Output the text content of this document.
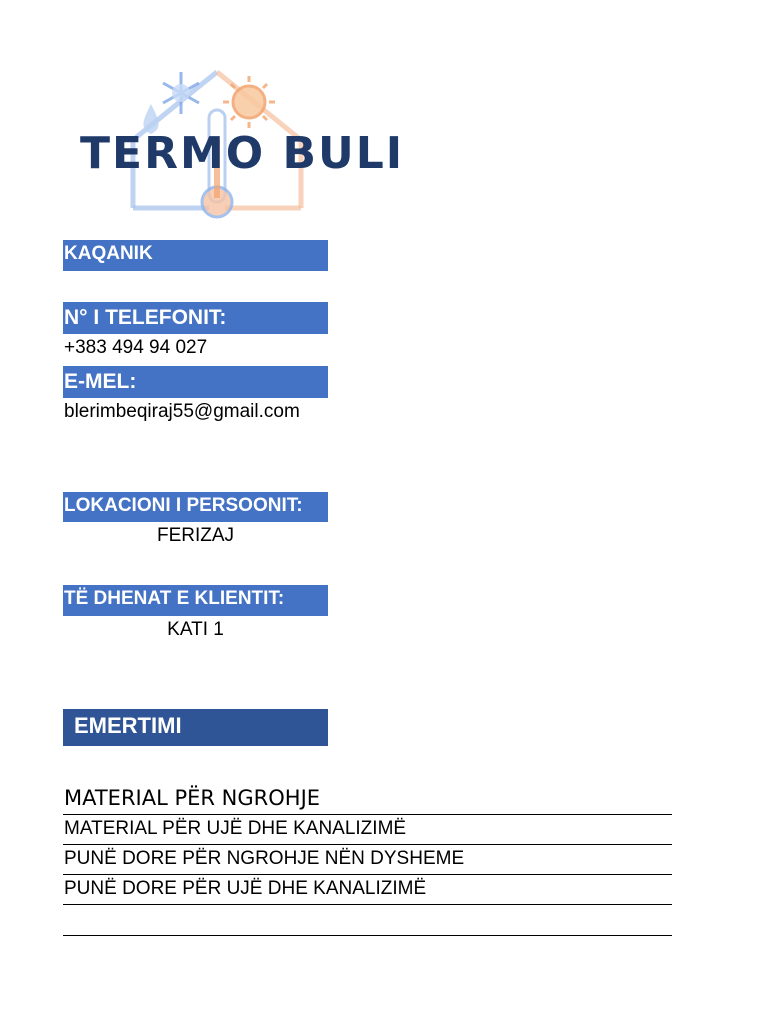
TERMO BULI
KAQANIK
N° I TELEFONIT:
+383 494 94 027
E-MEL:
blerimbeqiraj55@gmail.com
LOKACIONI I PERSOONIT:
FERIZAJ
TË DHENAT E KLIENTIT:
KATI 1
EMERTIMI
MATERIAL PËR NGROHJE
MATERIAL PËR UJË DHE KANALIZIMË
PUNË DORE PËR NGROHJE NËN DYSHEME
PUNË DORE PËR UJË DHE KANALIZIMË
